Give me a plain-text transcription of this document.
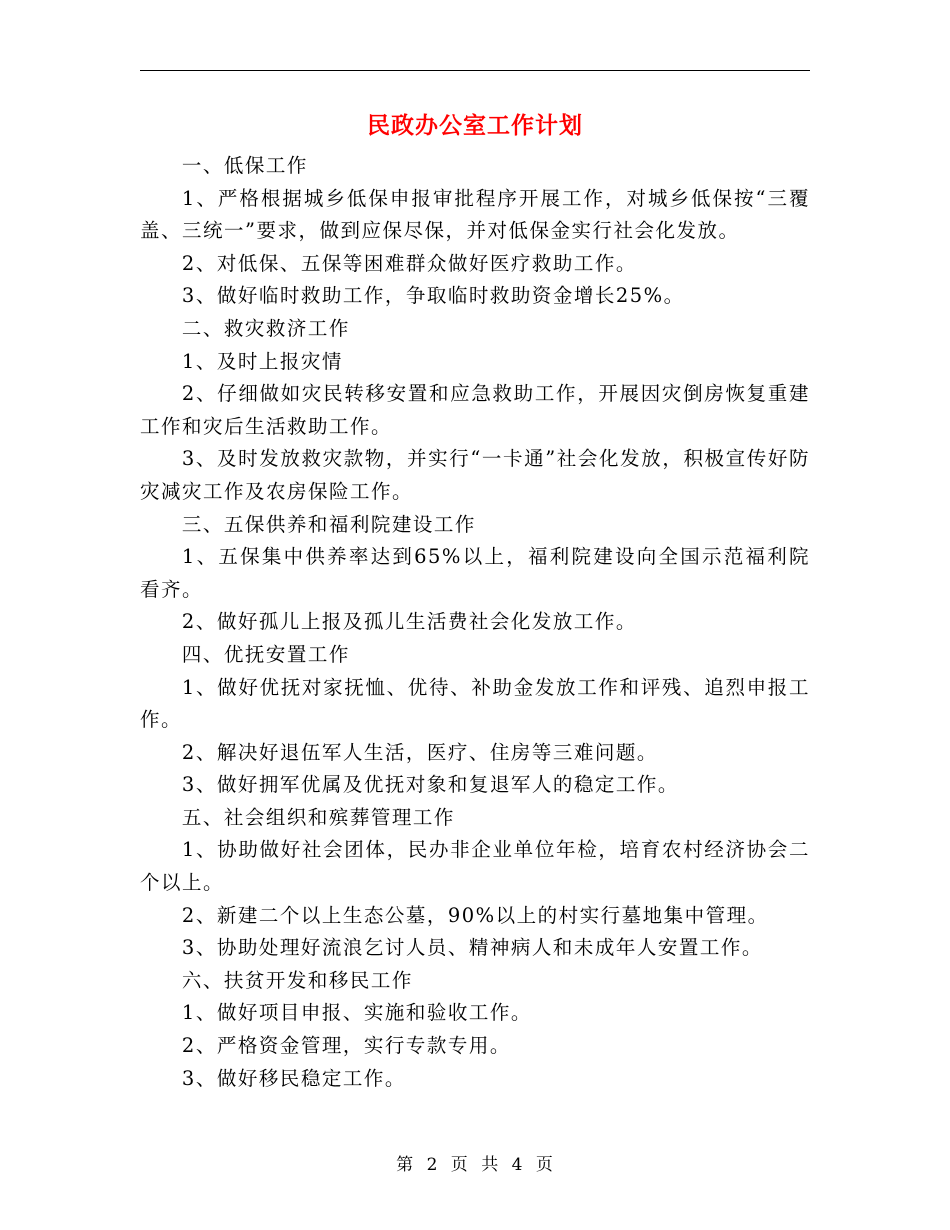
民政办公室工作计划

一、低保工作

1、严格根据城乡低保申报审批程序开展工作，对城乡低保按“三覆盖、三统一”要求，做到应保尽保，并对低保金实行社会化发放。

2、对低保、五保等困难群众做好医疗救助工作。

3、做好临时救助工作，争取临时救助资金增长25%。

二、救灾救济工作

1、及时上报灾情

2、仔细做如灾民转移安置和应急救助工作，开展因灾倒房恢复重建工作和灾后生活救助工作。

3、及时发放救灾款物，并实行“一卡通”社会化发放，积极宣传好防灾减灾工作及农房保险工作。

三、五保供养和福利院建设工作

1、五保集中供养率达到65%以上，福利院建设向全国示范福利院看齐。

2、做好孤儿上报及孤儿生活费社会化发放工作。

四、优抚安置工作

1、做好优抚对家抚恤、优待、补助金发放工作和评残、追烈申报工作。

2、解决好退伍军人生活，医疗、住房等三难问题。

3、做好拥军优属及优抚对象和复退军人的稳定工作。

五、社会组织和殡葬管理工作

1、协助做好社会团体，民办非企业单位年检，培育农村经济协会二个以上。

2、新建二个以上生态公墓，90%以上的村实行墓地集中管理。

3、协助处理好流浪乞讨人员、精神病人和未成年人安置工作。

六、扶贫开发和移民工作

1、做好项目申报、实施和验收工作。

2、严格资金管理，实行专款专用。

3、做好移民稳定工作。

第 2 页 共 4 页
